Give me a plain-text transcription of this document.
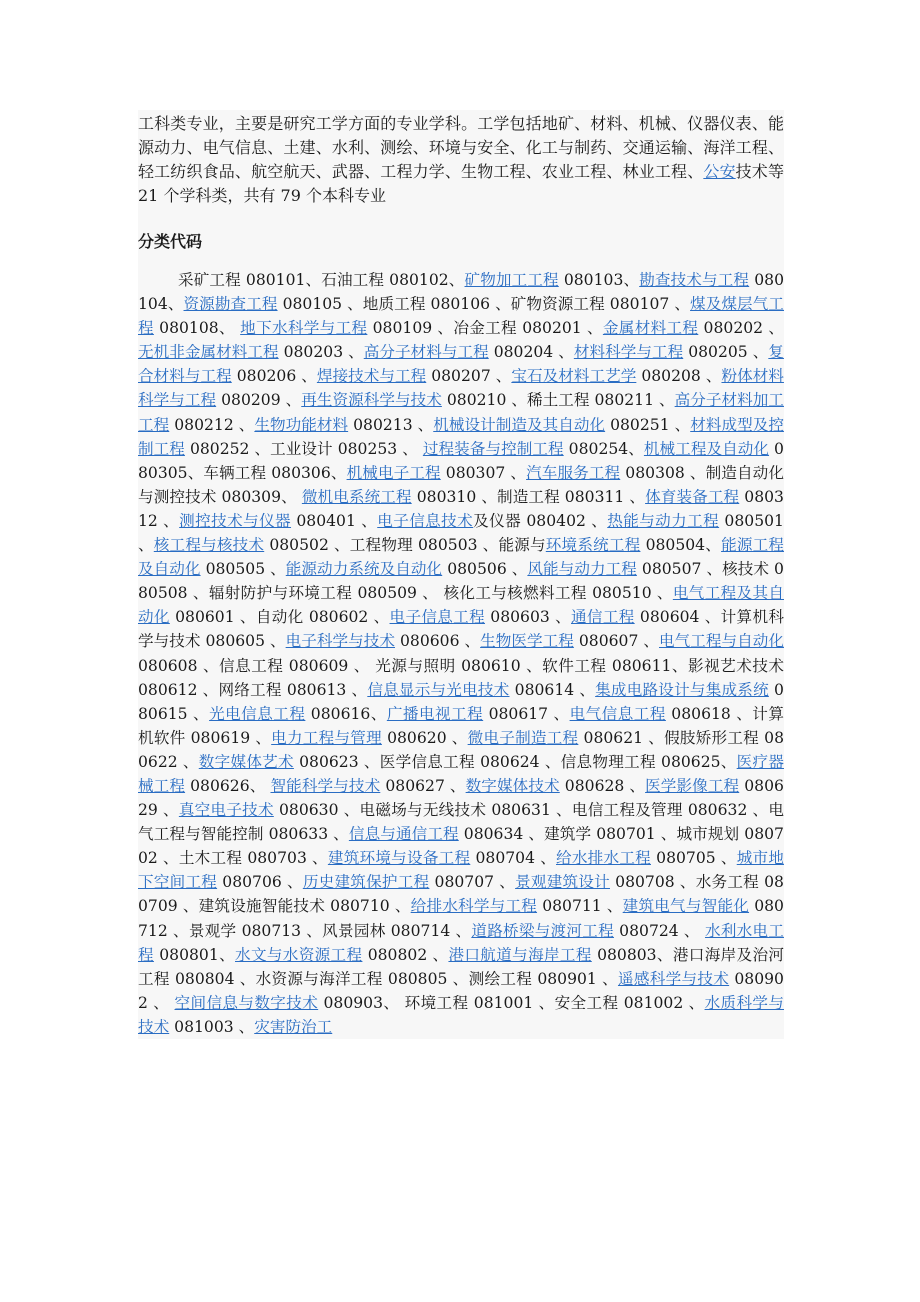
工科类专业，主要是研究工学方面的专业学科。工学包括地矿、材料、机械、仪器仪表、能源动力、电气信息、土建、水利、测绘、环境与安全、化工与制药、交通运输、海洋工程、轻工纺织食品、航空航天、武器、工程力学、生物工程、农业工程、林业工程、公安技术等 21 个学科类，共有 79 个本科专业

分类代码

采矿工程 080101、石油工程 080102、矿物加工工程 080103、勘查技术与工程 080104、资源勘查工程 080105 、地质工程 080106 、矿物资源工程 080107 、煤及煤层气工程 080108、 地下水科学与工程 080109 、冶金工程 080201 、金属材料工程 080202 、 无机非金属材料工程 080203 、高分子材料与工程 080204 、材料科学与工程 080205 、复合材料与工程 080206 、焊接技术与工程 080207 、宝石及材料工艺学 080208 、粉体材料科学与工程 080209 、再生资源科学与技术 080210 、稀土工程 080211 、高分子材料加工工程 080212 、生物功能材料 080213 、机械设计制造及其自动化 080251 、材料成型及控制工程 080252 、工业设计 080253 、 过程装备与控制工程 080254、机械工程及自动化 080305、车辆工程 080306、机械电子工程 080307 、汽车服务工程 080308 、制造自动化与测控技术 080309、 微机电系统工程 080310 、制造工程 080311 、体育装备工程 080312 、测控技术与仪器 080401 、电子信息技术及仪器 080402 、热能与动力工程 080501 、核工程与核技术 080502 、工程物理 080503 、能源与环境系统工程 080504、能源工程及自动化 080505 、能源动力系统及自动化 080506 、风能与动力工程 080507 、核技术 080508 、辐射防护与环境工程 080509 、 核化工与核燃料工程 080510 、电气工程及其自动化 080601 、自动化 080602 、电子信息工程 080603 、通信工程 080604 、计算机科学与技术 080605 、电子科学与技术 080606 、生物医学工程 080607 、电气工程与自动化 080608 、信息工程 080609 、 光源与照明 080610 、软件工程 080611、影视艺术技术 080612 、网络工程 080613 、信息显示与光电技术 080614 、集成电路设计与集成系统 080615 、光电信息工程 080616、广播电视工程 080617 、电气信息工程 080618 、计算机软件 080619 、电力工程与管理 080620 、微电子制造工程 080621 、假肢矫形工程 080622 、数字媒体艺术 080623 、医学信息工程 080624 、信息物理工程 080625、医疗器械工程 080626、 智能科学与技术 080627 、数字媒体技术 080628 、医学影像工程 080629 、真空电子技术 080630 、电磁场与无线技术 080631 、电信工程及管理 080632 、电气工程与智能控制 080633 、信息与通信工程 080634 、建筑学 080701 、城市规划 080702 、土木工程 080703 、建筑环境与设备工程 080704 、给水排水工程 080705 、城市地下空间工程 080706 、历史建筑保护工程 080707 、景观建筑设计 080708 、水务工程 080709 、建筑设施智能技术 080710 、给排水科学与工程 080711 、建筑电气与智能化 080712 、景观学 080713 、风景园林 080714 、道路桥梁与渡河工程 080724 、 水利水电工程 080801、水文与水资源工程 080802 、港口航道与海岸工程 080803、港口海岸及治河工程 080804 、水资源与海洋工程 080805 、测绘工程 080901 、遥感科学与技术 080902 、 空间信息与数字技术 080903、 环境工程 081001 、安全工程 081002 、水质科学与技术 081003 、灾害防治工
